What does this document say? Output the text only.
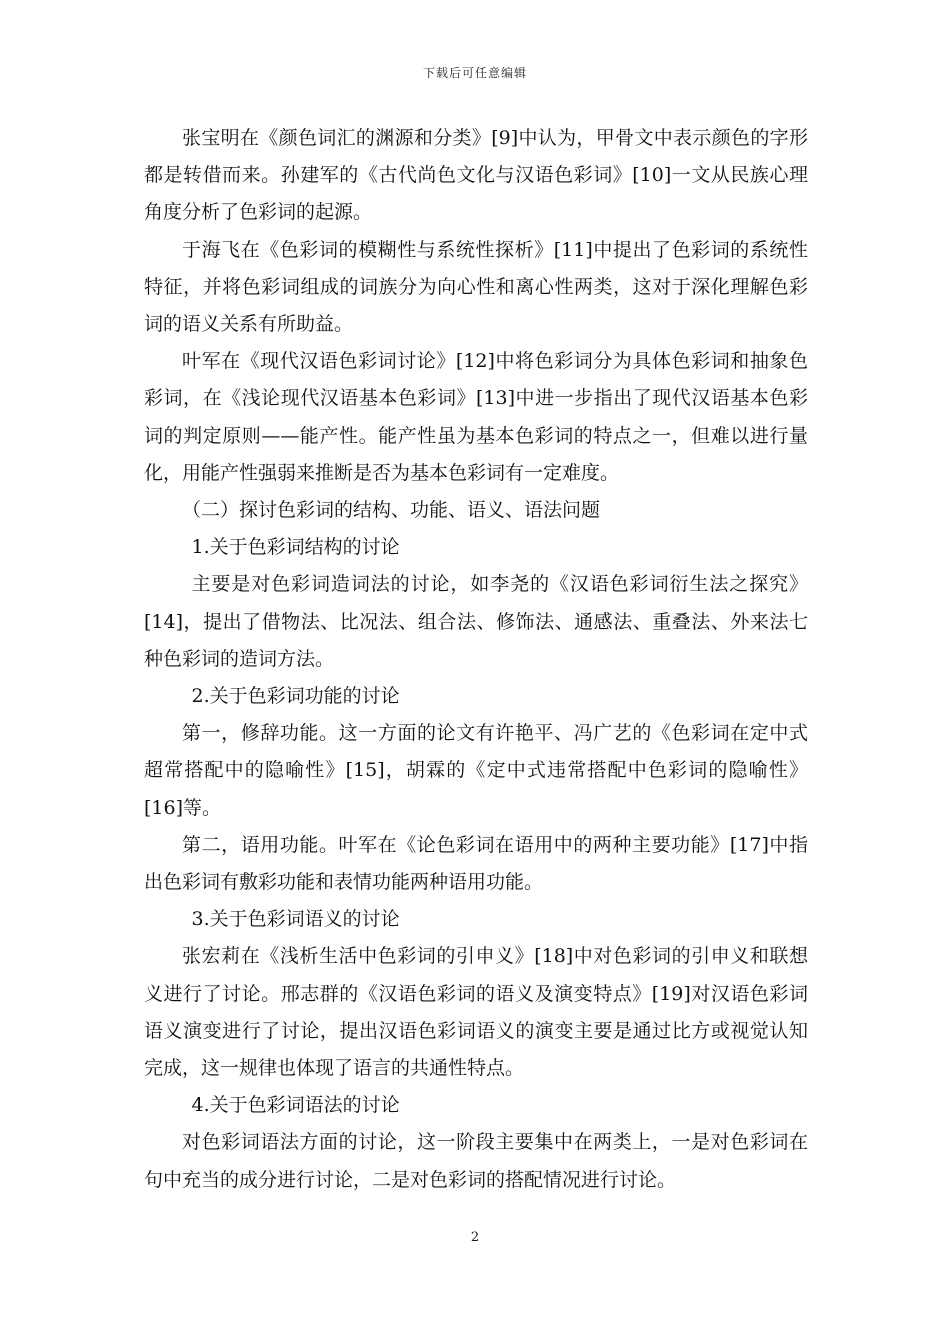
下载后可任意编辑

张宝明在《颜色词汇的渊源和分类》[9]中认为，甲骨文中表示颜色的字形都是转借而来。孙建军的《古代尚色文化与汉语色彩词》[10]一文从民族心理角度分析了色彩词的起源。

于海飞在《色彩词的模糊性与系统性探析》[11]中提出了色彩词的系统性特征，并将色彩词组成的词族分为向心性和离心性两类，这对于深化理解色彩词的语义关系有所助益。

叶军在《现代汉语色彩词讨论》[12]中将色彩词分为具体色彩词和抽象色彩词，在《浅论现代汉语基本色彩词》[13]中进一步指出了现代汉语基本色彩词的判定原则——能产性。能产性虽为基本色彩词的特点之一，但难以进行量化，用能产性强弱来推断是否为基本色彩词有一定难度。

（二）探讨色彩词的结构、功能、语义、语法问题

1.关于色彩词结构的讨论

主要是对色彩词造词法的讨论，如李尧的《汉语色彩词衍生法之探究》[14]，提出了借物法、比况法、组合法、修饰法、通感法、重叠法、外来法七种色彩词的造词方法。

2.关于色彩词功能的讨论

第一，修辞功能。这一方面的论文有许艳平、冯广艺的《色彩词在定中式超常搭配中的隐喻性》[15]，胡霖的《定中式违常搭配中色彩词的隐喻性》[16]等。

第二，语用功能。叶军在《论色彩词在语用中的两种主要功能》[17]中指出色彩词有敷彩功能和表情功能两种语用功能。

3.关于色彩词语义的讨论

张宏莉在《浅析生活中色彩词的引申义》[18]中对色彩词的引申义和联想义进行了讨论。邢志群的《汉语色彩词的语义及演变特点》[19]对汉语色彩词语义演变进行了讨论，提出汉语色彩词语义的演变主要是通过比方或视觉认知完成，这一规律也体现了语言的共通性特点。

4.关于色彩词语法的讨论

对色彩词语法方面的讨论，这一阶段主要集中在两类上，一是对色彩词在句中充当的成分进行讨论，二是对色彩词的搭配情况进行讨论。

2
